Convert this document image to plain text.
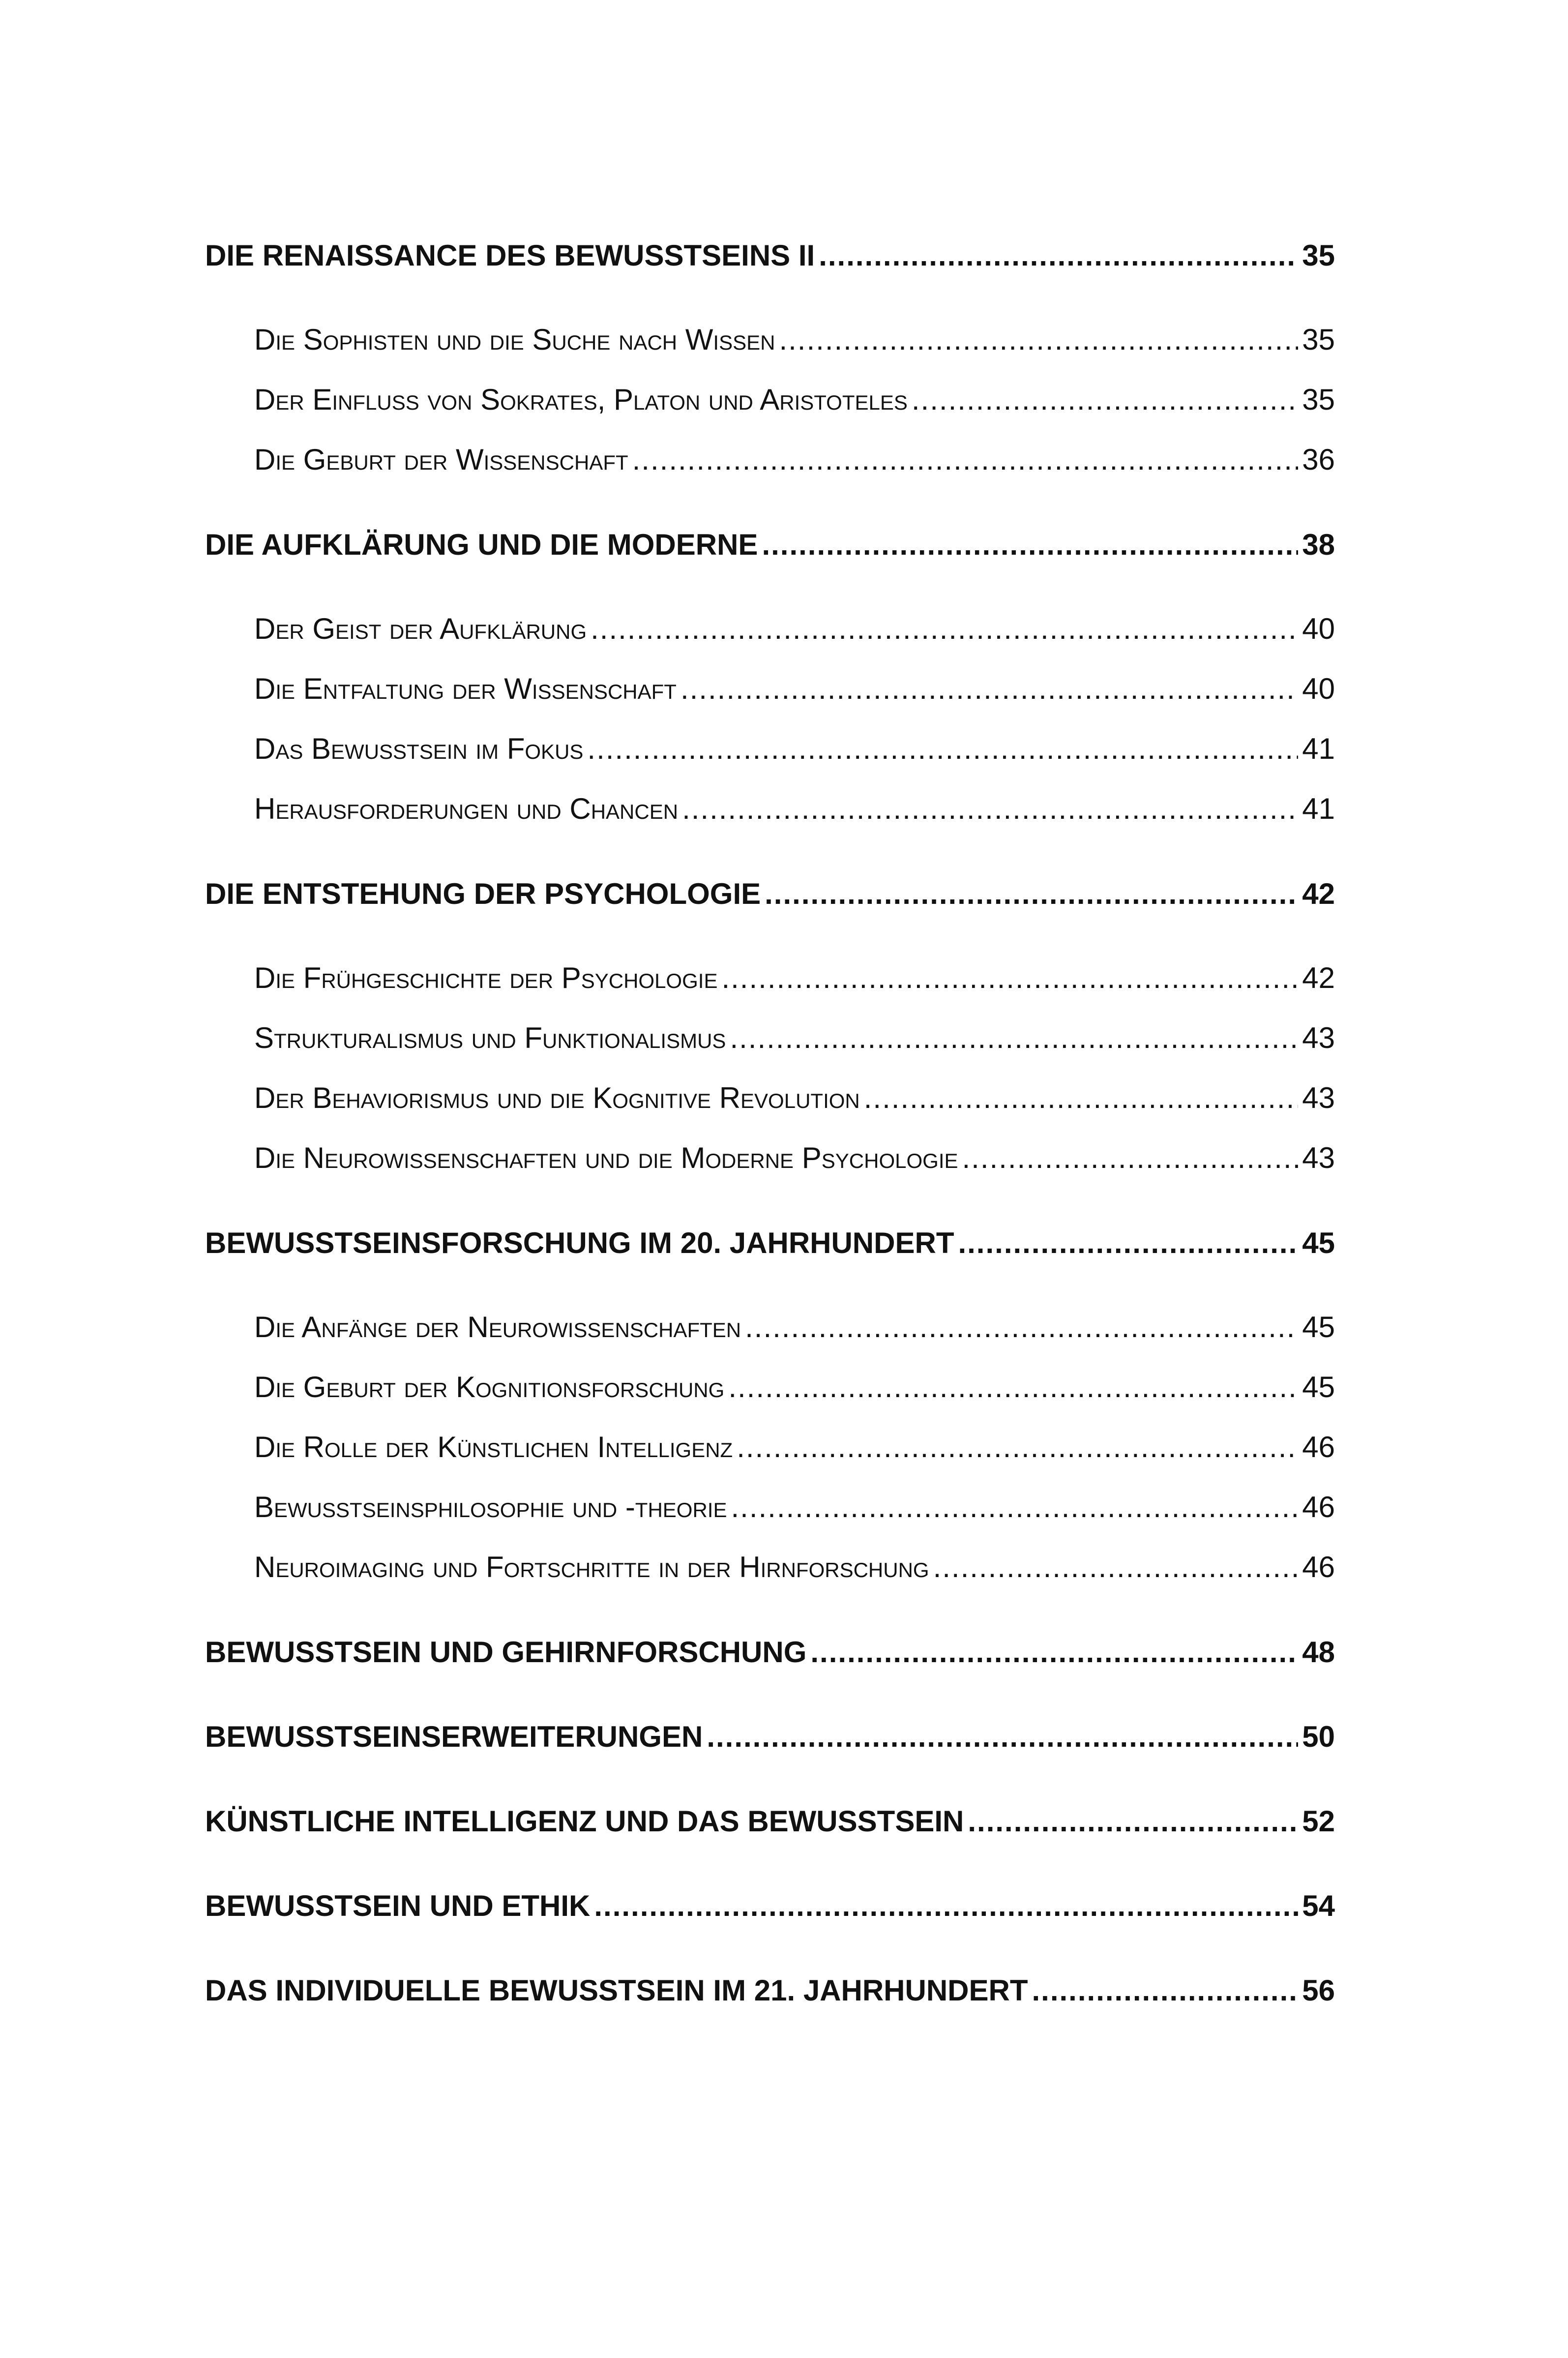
DIE RENAISSANCE DES BEWUSSTSEINS II .....	35
Die Sophisten und die Suche nach Wissen .....	35
Der Einfluss von Sokrates, Platon und Aristoteles .....	35
Die Geburt der Wissenschaft .....	36
DIE AUFKLÄRUNG UND DIE MODERNE .....	38
Der Geist der Aufklärung .....	40
Die Entfaltung der Wissenschaft .....	40
Das Bewusstsein im Fokus .....	41
Herausforderungen und Chancen .....	41
DIE ENTSTEHUNG DER PSYCHOLOGIE .....	42
Die Frühgeschichte der Psychologie .....	42
Strukturalismus und Funktionalismus .....	43
Der Behaviorismus und die Kognitive Revolution .....	43
Die Neurowissenschaften und die Moderne Psychologie .....	43
BEWUSSTSEINSFORSCHUNG IM 20. JAHRHUNDERT .....	45
Die Anfänge der Neurowissenschaften .....	45
Die Geburt der Kognitionsforschung .....	45
Die Rolle der Künstlichen Intelligenz .....	46
Bewusstseinsphilosophie und -theorie .....	46
Neuroimaging und Fortschritte in der Hirnforschung .....	46
BEWUSSTSEIN UND GEHIRNFORSCHUNG .....	48
BEWUSSTSEINSERWEITERUNGEN .....	50
KÜNSTLICHE INTELLIGENZ UND DAS BEWUSSTSEIN .....	52
BEWUSSTSEIN UND ETHIK .....	54
DAS INDIVIDUELLE BEWUSSTSEIN IM 21. JAHRHUNDERT .....	56
